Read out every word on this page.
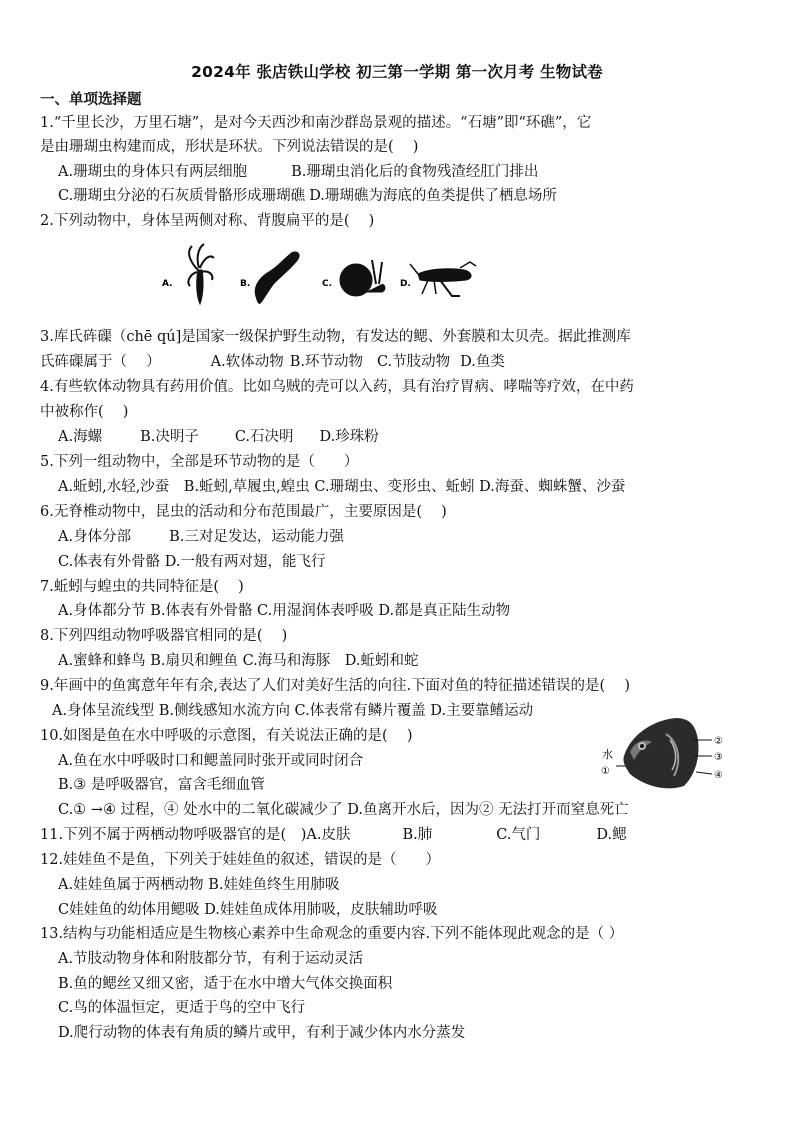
2024年 张店铁山学校 初三第一学期 第一次月考 生物试卷
一、单项选择题
1.“千里长沙，万里石塘”，是对今天西沙和南沙群岛景观的描述。“石塘”即“环礁”，它
是由珊瑚虫构建而成，形状是环状。下列说法错误的是(　 )
A.珊瑚虫的身体只有两层细胞	B.珊瑚虫消化后的食物残渣经肛门排出
C.珊瑚虫分泌的石灰质骨骼形成珊瑚礁 D.珊瑚礁为海底的鱼类提供了栖息场所
2.下列动物中，身体呈两侧对称、背腹扁平的是(　 )
A.	B.	C.	D.
3.库氏砗磲（chē qú]是国家一级保护野生动物，有发达的鳃、外套膜和太贝壳。据此推测库
氏砗磲属于（　 ）	A.软体动物 B.环节动物 C.节肢动物 D.鱼类
4.有些软体动物具有药用价值。比如乌贼的壳可以入药，具有治疗胃病、哮喘等疗效，在中药
中被称作(　 )
A.海螺	B.决明子 C.石决明 D.珍珠粉
5.下列一组动物中，全部是环节动物的是（　　）
A.蚯蚓,水轻,沙蚕　B.蚯蚓,草履虫,蝗虫 C.珊瑚虫、变形虫、蚯蚓 D.海蚕、蜘蛛蟹、沙蚕
6.无脊椎动物中，昆虫的活动和分布范围最广，主要原因是(　 )
A.身体分部	B.三对足发达，运动能力强
C.体表有外骨骼 D.一般有两对翅，能飞行
7.蚯蚓与蝗虫的共同特征是(　 )
A.身体都分节 B.体表有外骨骼 C.用湿润体表呼吸 D.都是真正陆生动物
8.下列四组动物呼吸器官相同的是(　 )
A.蜜蜂和蜂鸟 B.扇贝和鲤鱼 C.海马和海豚　D.蚯蚓和蛇
9.年画中的鱼寓意年年有余,表达了人们对美好生活的向往.下面对鱼的特征描述错误的是(　 )
A.身体呈流线型 B.侧线感知水流方向 C.体表常有鳞片覆盖 D.主要靠鳍运动
10.如图是鱼在水中呼吸的示意图，有关说法正确的是(　 )
A.鱼在水中呼吸时口和鳃盖同时张开或同时闭合
B.③ 是呼吸器官，富含毛细血管
C.① →④ 过程，④ 处水中的二氧化碳减少了 D.鱼离开水后，因为② 无法打开而窒息死亡
水
①
②
③
④
11.下列不属于两栖动物呼吸器官的是(　)A.皮肤	B.肺	C.气门	D.鳃
12.娃娃鱼不是鱼，下列关于娃娃鱼的叙述，错误的是（　　）
A.娃娃鱼属于两栖动物 B.娃娃鱼终生用肺吸
C娃娃鱼的幼体用鳃吸 D.娃娃鱼成体用肺吸，皮肤辅助呼吸
13.结构与功能相适应是生物核心素养中生命观念的重要内容.下列不能体现此观念的是（ ）
A.节肢动物身体和附肢都分节，有利于运动灵活
B.鱼的鳃丝又细又密，适于在水中增大气体交换面积
C.鸟的体温恒定，更适于鸟的空中飞行
D.爬行动物的体表有角质的鳞片或甲，有利于减少体内水分蒸发
